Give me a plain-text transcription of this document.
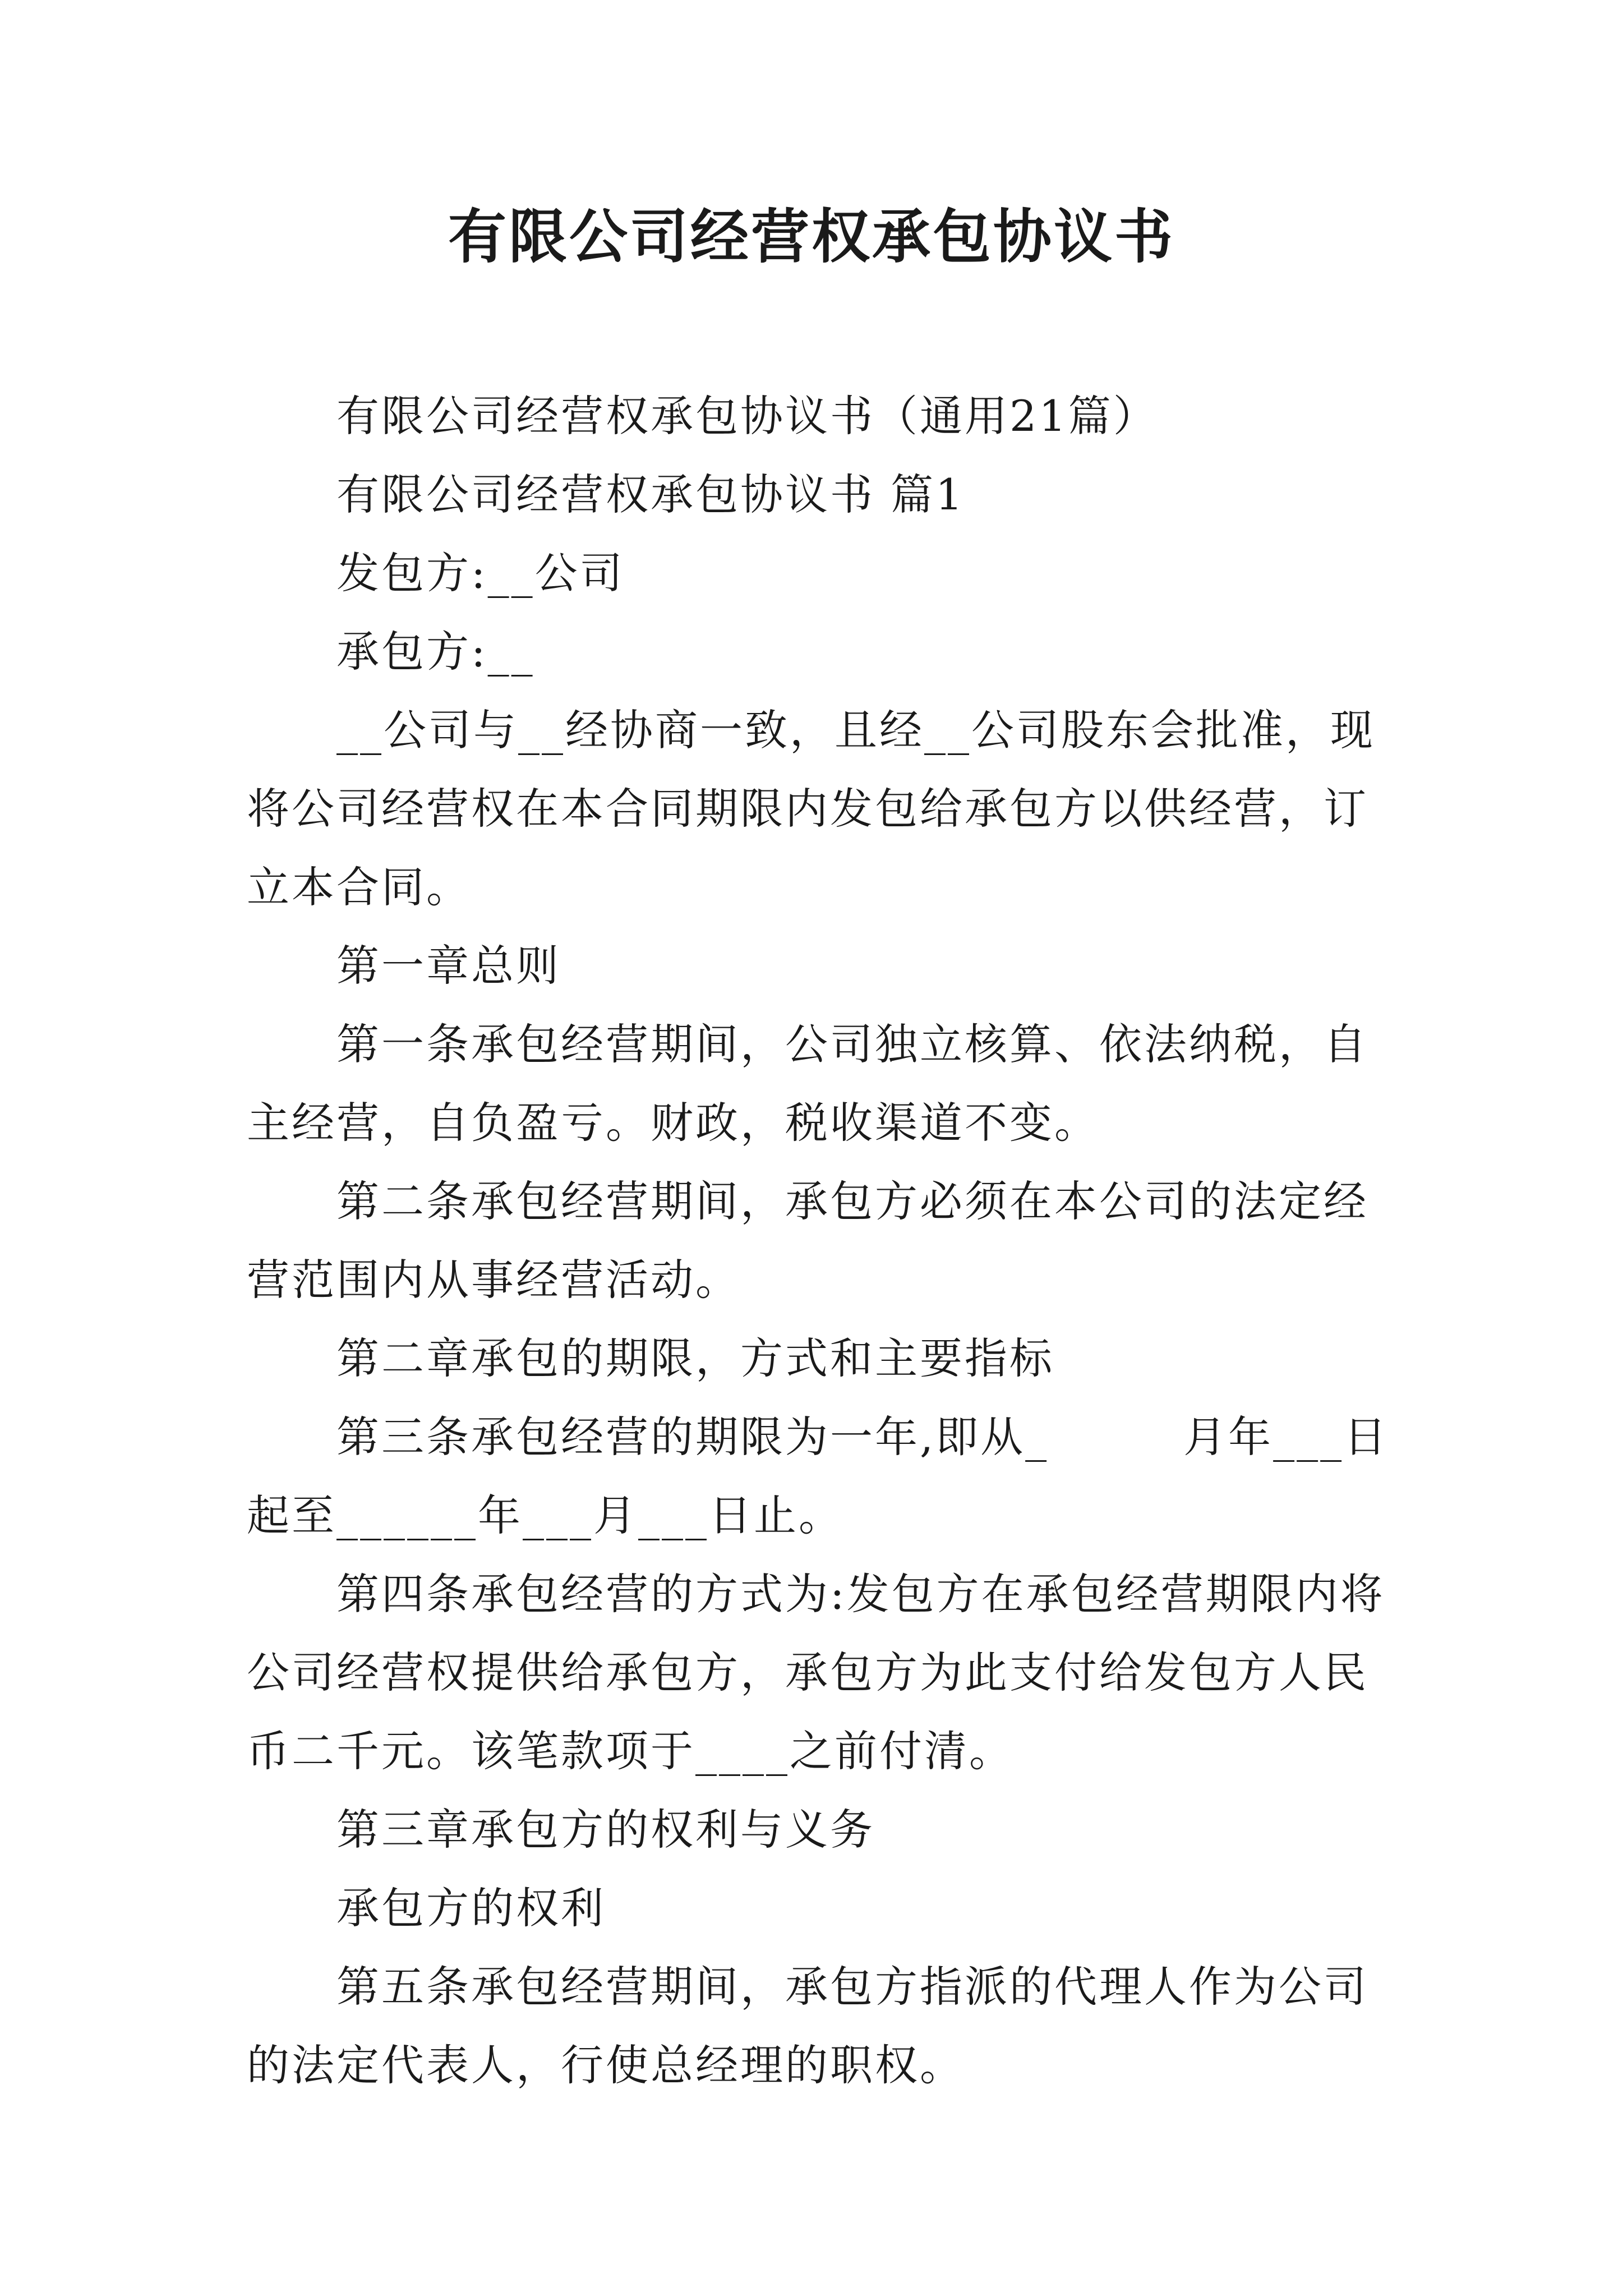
有限公司经营权承包协议书

有限公司经营权承包协议书（通用21篇）

有限公司经营权承包协议书 篇1

发包方:__公司

承包方:__

__公司与__经协商一致，且经__公司股东会批准，现将公司经营权在本合同期限内发包给承包方以供经营，订立本合同。

第一章总则

第一条承包经营期间，公司独立核算、依法纳税，自主经营，自负盈亏。财政，税收渠道不变。

第二条承包经营期间，承包方必须在本公司的法定经营范围内从事经营活动。

第二章承包的期限，方式和主要指标

第三条承包经营的期限为一年,即从_　　　月年___日起至______年___月___日止。

第四条承包经营的方式为:发包方在承包经营期限内将公司经营权提供给承包方，承包方为此支付给发包方人民币二千元。该笔款项于____之前付清。

第三章承包方的权利与义务

承包方的权利

第五条承包经营期间，承包方指派的代理人作为公司的法定代表人，行使总经理的职权。
